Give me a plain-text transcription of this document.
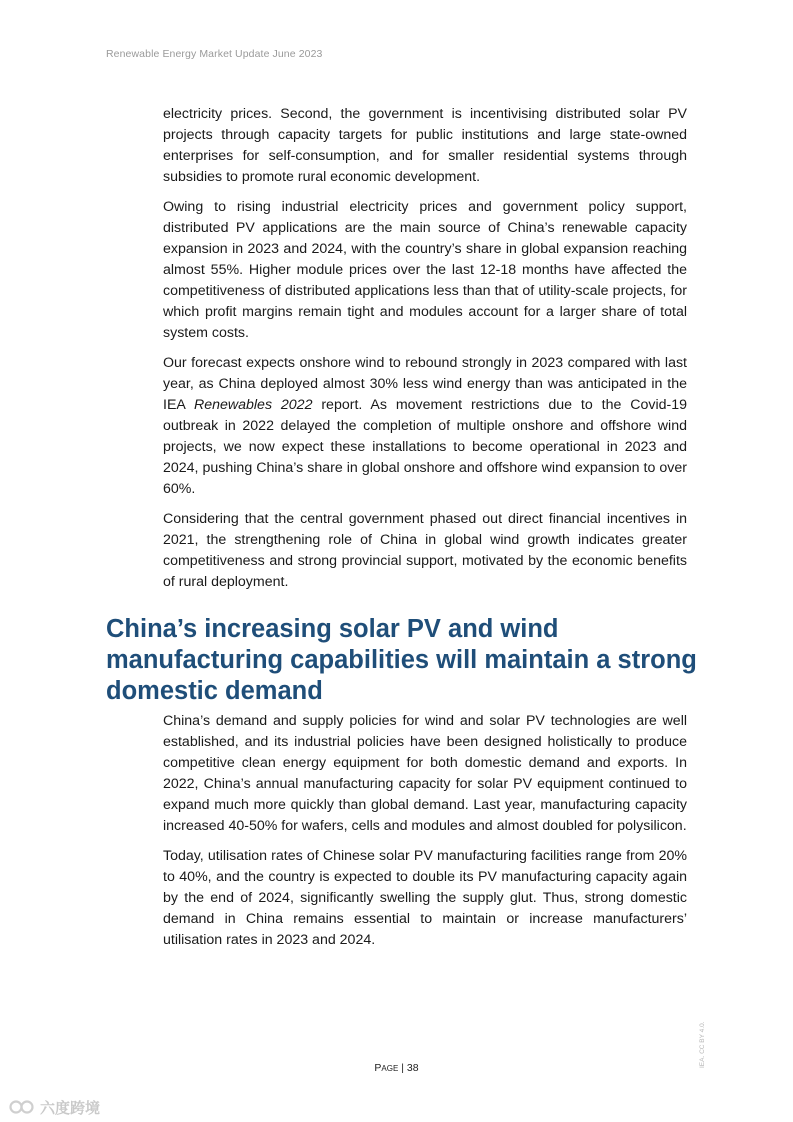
Renewable Energy Market Update June 2023

electricity prices. Second, the government is incentivising distributed solar PV projects through capacity targets for public institutions and large state-owned enterprises for self-consumption, and for smaller residential systems through subsidies to promote rural economic development.

Owing to rising industrial electricity prices and government policy support, distributed PV applications are the main source of China’s renewable capacity expansion in 2023 and 2024, with the country’s share in global expansion reaching almost 55%. Higher module prices over the last 12-18 months have affected the competitiveness of distributed applications less than that of utility-scale projects, for which profit margins remain tight and modules account for a larger share of total system costs.

Our forecast expects onshore wind to rebound strongly in 2023 compared with last year, as China deployed almost 30% less wind energy than was anticipated in the IEA Renewables 2022 report. As movement restrictions due to the Covid-19 outbreak in 2022 delayed the completion of multiple onshore and offshore wind projects, we now expect these installations to become operational in 2023 and 2024, pushing China’s share in global onshore and offshore wind expansion to over 60%.

Considering that the central government phased out direct financial incentives in 2021, the strengthening role of China in global wind growth indicates greater competitiveness and strong provincial support, motivated by the economic benefits of rural deployment.

China’s increasing solar PV and wind manufacturing capabilities will maintain a strong domestic demand

China’s demand and supply policies for wind and solar PV technologies are well established, and its industrial policies have been designed holistically to produce competitive clean energy equipment for both domestic demand and exports. In 2022, China’s annual manufacturing capacity for solar PV equipment continued to expand much more quickly than global demand. Last year, manufacturing capacity increased 40-50% for wafers, cells and modules and almost doubled for polysilicon.

Today, utilisation rates of Chinese solar PV manufacturing facilities range from 20% to 40%, and the country is expected to double its PV manufacturing capacity again by the end of 2024, significantly swelling the supply glut. Thus, strong domestic demand in China remains essential to maintain or increase manufacturers’ utilisation rates in 2023 and 2024.

PAGE | 38	IEA. CC BY 4.0.
六度跨境
